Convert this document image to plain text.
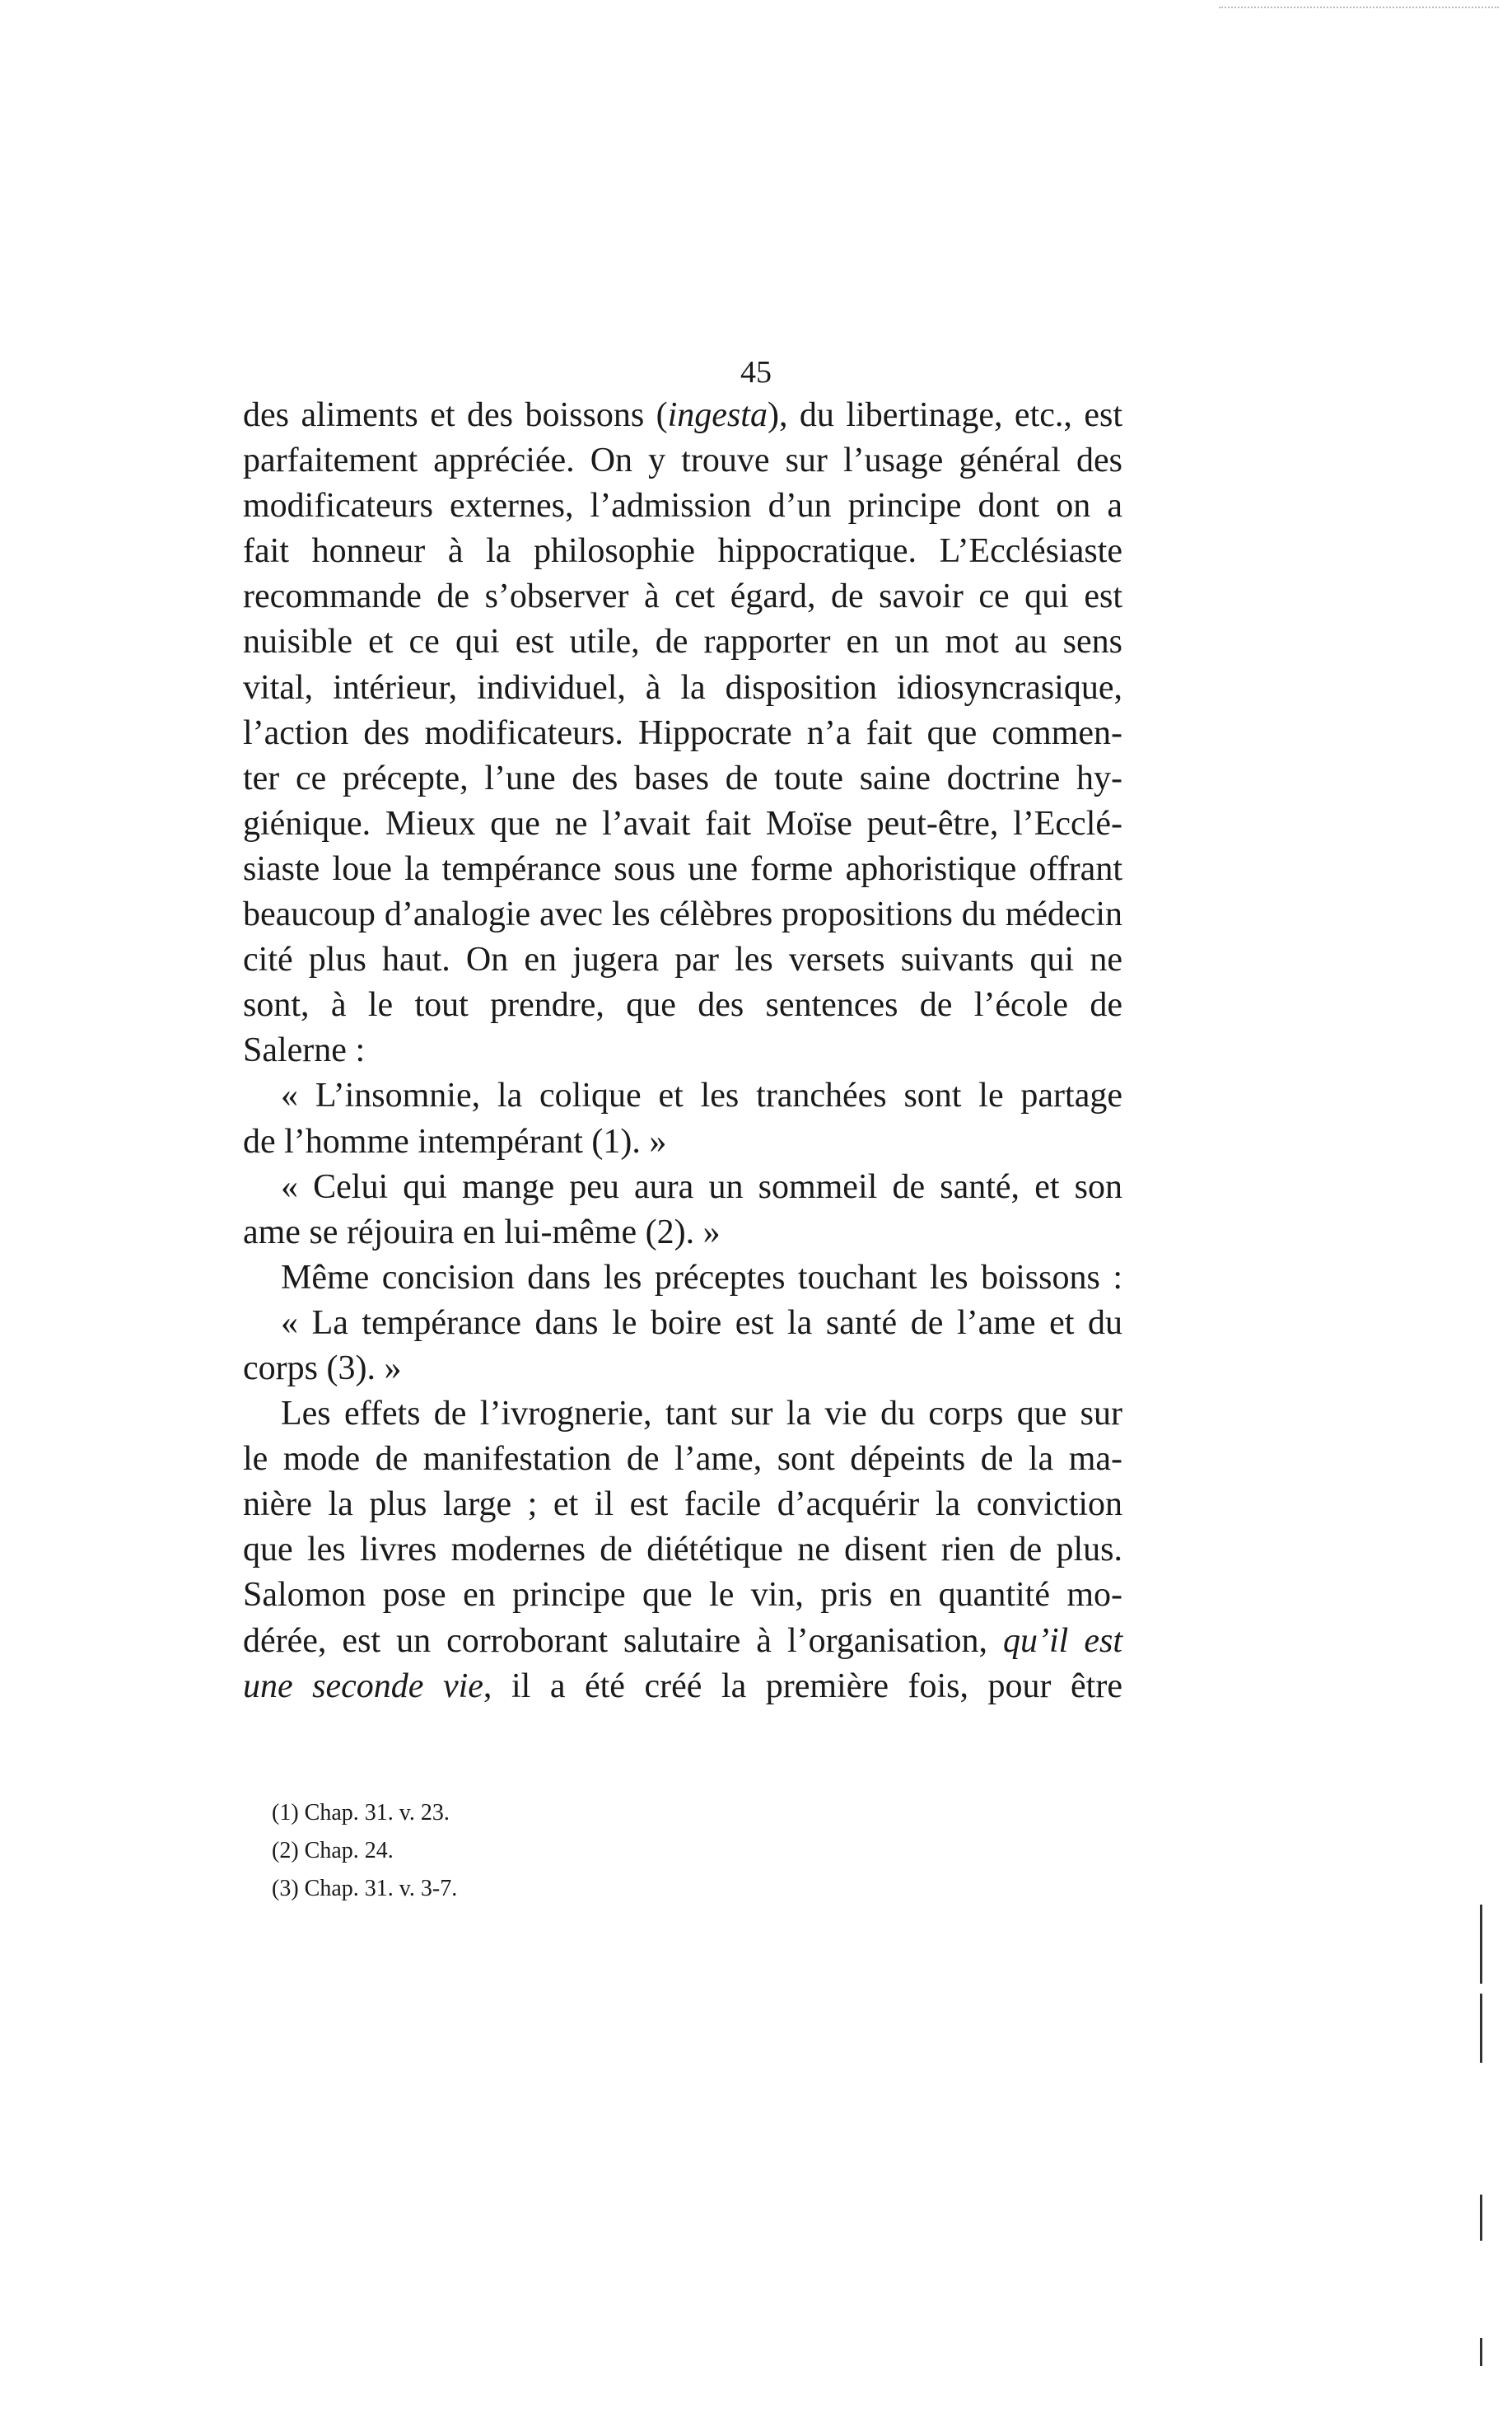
45
des aliments et des boissons (ingesta), du libertinage, etc., est
parfaitement appréciée. On y trouve sur l’usage général des
modificateurs externes, l’admission d’un principe dont on a
fait honneur à la philosophie hippocratique. L’Ecclésiaste
recommande de s’observer à cet égard, de savoir ce qui est
nuisible et ce qui est utile, de rapporter en un mot au sens
vital, intérieur, individuel, à la disposition idiosyncrasique,
l’action des modificateurs. Hippocrate n’a fait que commen-
ter ce précepte, l’une des bases de toute saine doctrine hy-
giénique. Mieux que ne l’avait fait Moïse peut-être, l’Ecclé-
siaste loue la tempérance sous une forme aphoristique offrant
beaucoup d’analogie avec les célèbres propositions du médecin
cité plus haut. On en jugera par les versets suivants qui ne
sont, à le tout prendre, que des sentences de l’école de
Salerne :
« L’insomnie, la colique et les tranchées sont le partage
de l’homme intempérant (1). »
« Celui qui mange peu aura un sommeil de santé, et son
ame se réjouira en lui-même (2). »
Même concision dans les préceptes touchant les boissons :
« La tempérance dans le boire est la santé de l’ame et du
corps (3). »
Les effets de l’ivrognerie, tant sur la vie du corps que sur
le mode de manifestation de l’ame, sont dépeints de la ma-
nière la plus large ; et il est facile d’acquérir la conviction
que les livres modernes de diététique ne disent rien de plus.
Salomon pose en principe que le vin, pris en quantité mo-
dérée, est un corroborant salutaire à l’organisation, qu’il est
une seconde vie, il a été créé la première fois, pour être
(1) Chap. 31. v. 23.
(2) Chap. 24.
(3) Chap. 31. v. 3-7.
